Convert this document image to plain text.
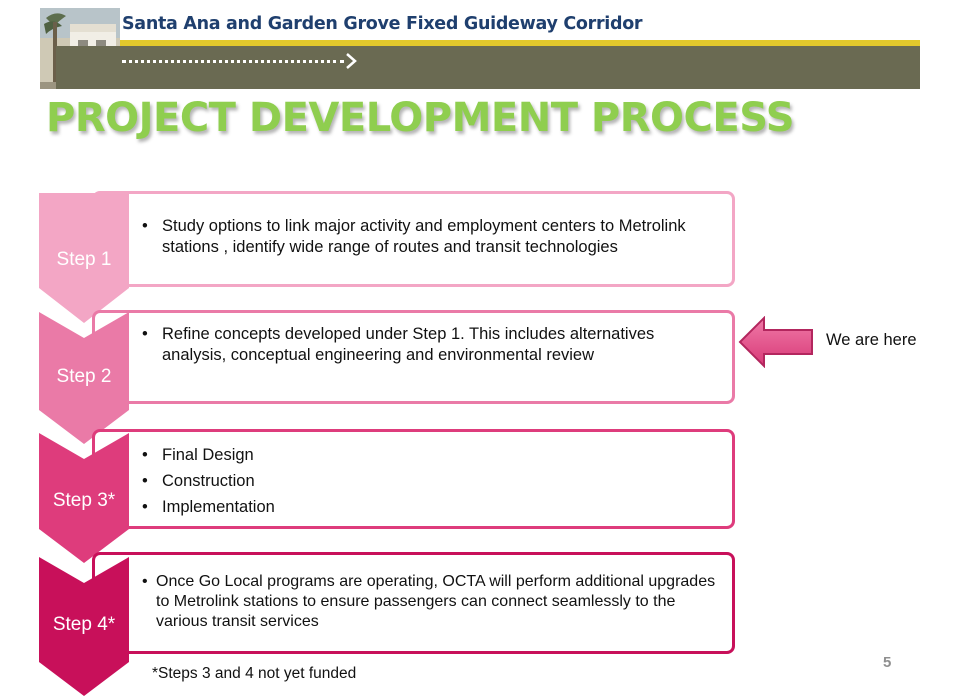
Santa Ana and Garden Grove Fixed Guideway Corridor
PROJECT DEVELOPMENT PROCESS
Step 1
• Study options to link major activity and employment centers to Metrolink stations , identify wide range of routes and transit technologies
Step 2
• Refine concepts developed under Step 1. This includes alternatives analysis, conceptual engineering and environmental review
Step 3*
• Final Design
• Construction
• Implementation
Step 4*
• Once Go Local programs are operating, OCTA will perform additional upgrades to Metrolink stations to ensure passengers can connect seamlessly to the various transit services
We are here
*Steps 3 and 4 not yet funded
5
